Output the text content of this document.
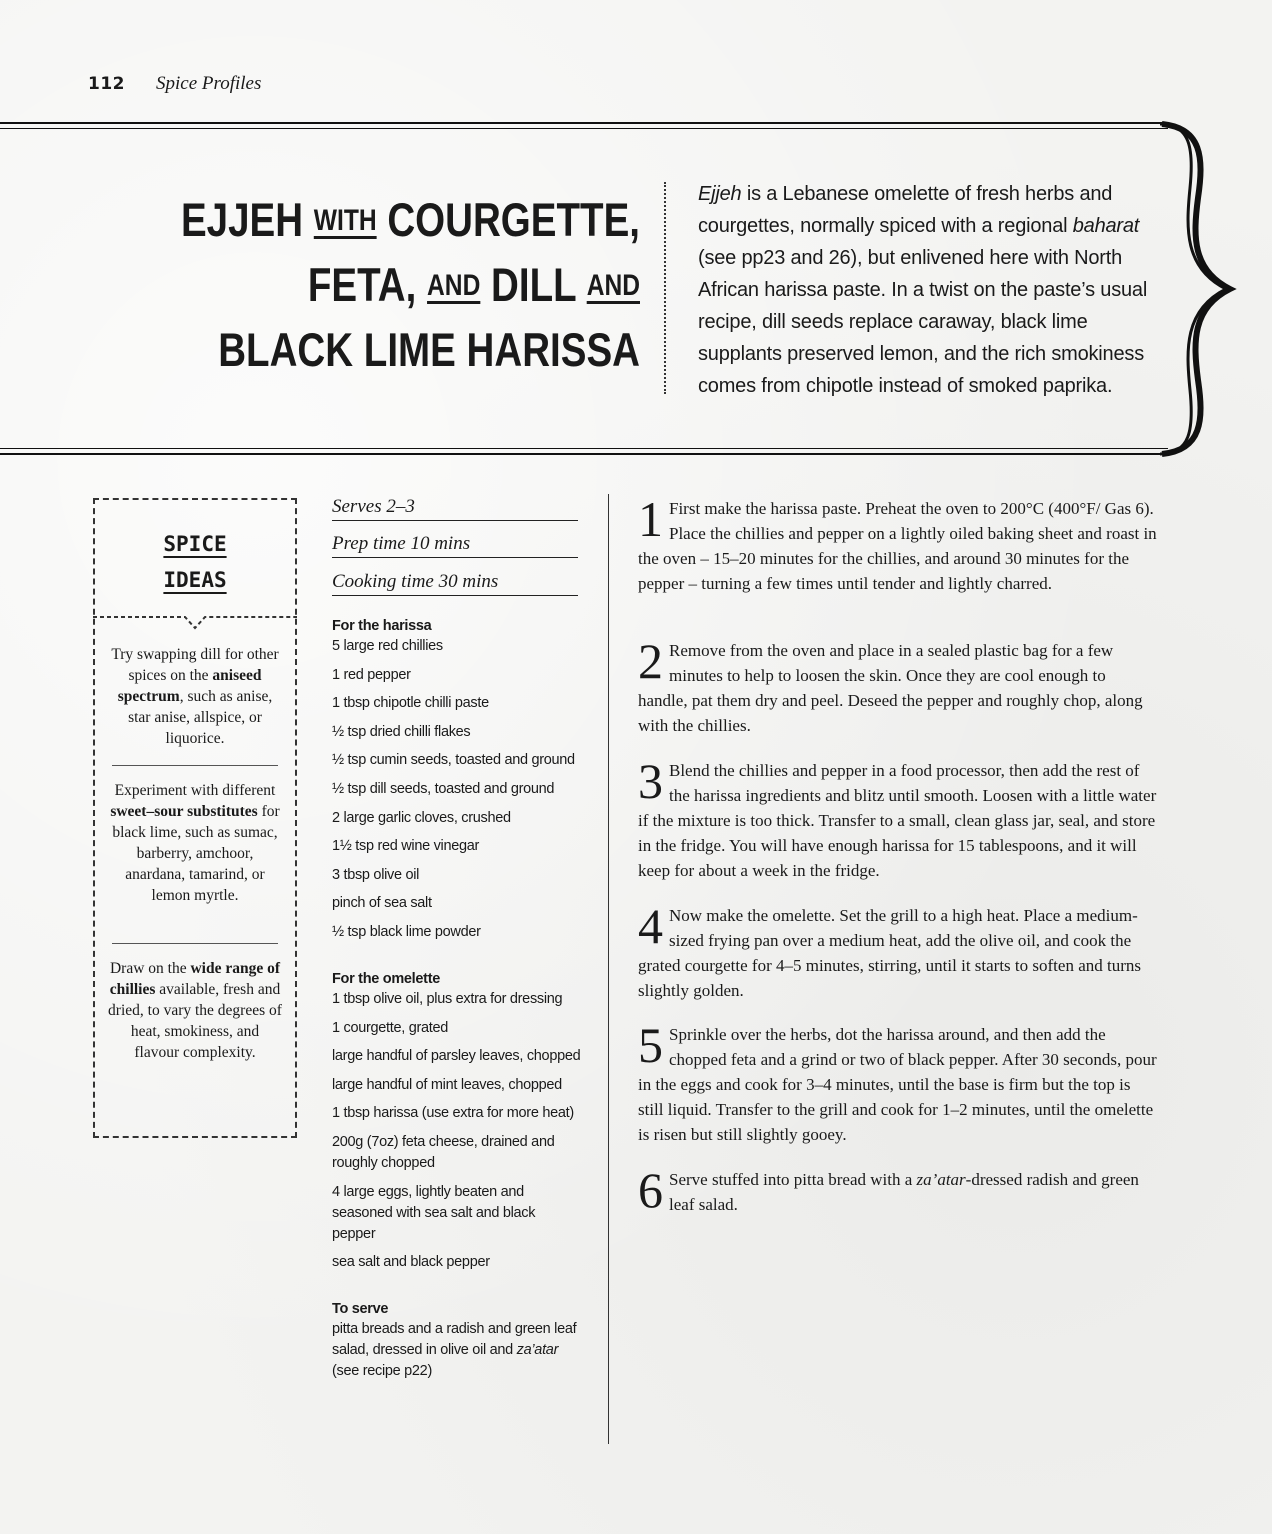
112 Spice Profiles
EJJEH WITH COURGETTE,
FETA, AND DILL AND
BLACK LIME HARISSA
Ejjeh is a Lebanese omelette of fresh herbs and courgettes, normally spiced with a regional baharat (see pp23 and 26), but enlivened here with North African harissa paste. In a twist on the paste’s usual recipe, dill seeds replace caraway, black lime supplants preserved lemon, and the rich smokiness comes from chipotle instead of smoked paprika.
SPICE
IDEAS
Try swapping dill for other spices on the aniseed spectrum, such as anise, star anise, allspice, or liquorice.
Experiment with different sweet–sour substitutes for black lime, such as sumac, barberry, amchoor, anardana, tamarind, or lemon myrtle.
Draw on the wide range of chillies available, fresh and dried, to vary the degrees of heat, smokiness, and flavour complexity.
Serves 2–3
Prep time 10 mins
Cooking time 30 mins
For the harissa
5 large red chillies
1 red pepper
1 tbsp chipotle chilli paste
½ tsp dried chilli flakes
½ tsp cumin seeds, toasted and ground
½ tsp dill seeds, toasted and ground
2 large garlic cloves, crushed
1½ tsp red wine vinegar
3 tbsp olive oil
pinch of sea salt
½ tsp black lime powder
For the omelette
1 tbsp olive oil, plus extra for dressing
1 courgette, grated
large handful of parsley leaves, chopped
large handful of mint leaves, chopped
1 tbsp harissa (use extra for more heat)
200g (7oz) feta cheese, drained and roughly chopped
4 large eggs, lightly beaten and seasoned with sea salt and black pepper
sea salt and black pepper
To serve
pitta breads and a radish and green leaf salad, dressed in olive oil and za’atar (see recipe p22)
1 First make the harissa paste. Preheat the oven to 200°C (400°F/ Gas 6). Place the chillies and pepper on a lightly oiled baking sheet and roast in the oven – 15–20 minutes for the chillies, and around 30 minutes for the pepper – turning a few times until tender and lightly charred.
2 Remove from the oven and place in a sealed plastic bag for a few minutes to help to loosen the skin. Once they are cool enough to handle, pat them dry and peel. Deseed the pepper and roughly chop, along with the chillies.
3 Blend the chillies and pepper in a food processor, then add the rest of the harissa ingredients and blitz until smooth. Loosen with a little water if the mixture is too thick. Transfer to a small, clean glass jar, seal, and store in the fridge. You will have enough harissa for 15 tablespoons, and it will keep for about a week in the fridge.
4 Now make the omelette. Set the grill to a high heat. Place a medium-sized frying pan over a medium heat, add the olive oil, and cook the grated courgette for 4–5 minutes, stirring, until it starts to soften and turns slightly golden.
5 Sprinkle over the herbs, dot the harissa around, and then add the chopped feta and a grind or two of black pepper. After 30 seconds, pour in the eggs and cook for 3–4 minutes, until the base is firm but the top is still liquid. Transfer to the grill and cook for 1–2 minutes, until the omelette is risen but still slightly gooey.
6 Serve stuffed into pitta bread with a za’atar-dressed radish and green leaf salad.
